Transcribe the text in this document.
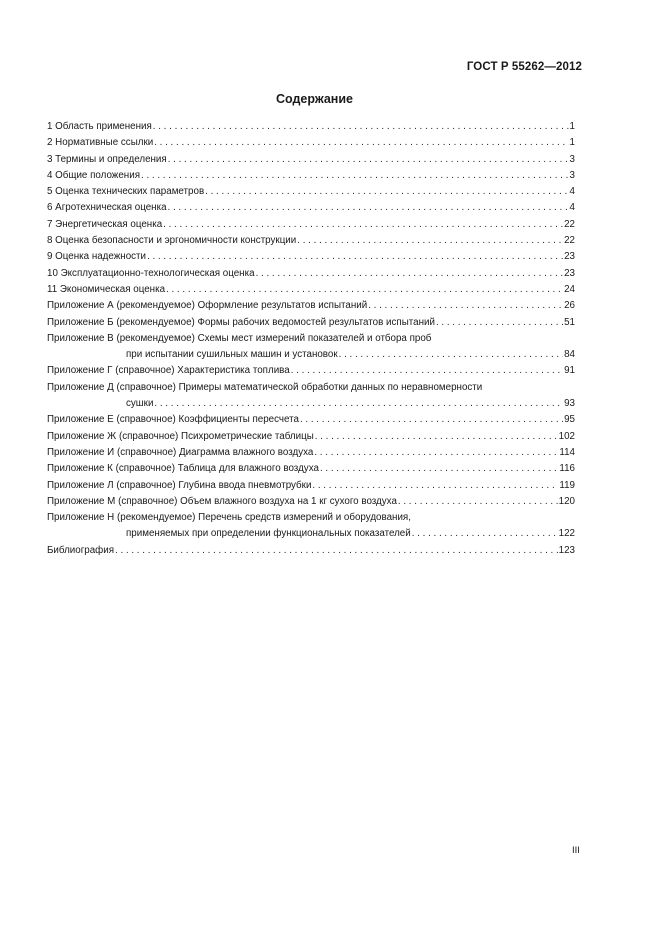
ГОСТ Р 55262—2012
Содержание
1 Область применения . . .	1
2 Нормативные ссылки . . .	1
3 Термины и определения . . .	3
4 Общие положения . . .	3
5 Оценка технических параметров . . .	4
6 Агротехническая оценка . . .	4
7 Энергетическая оценка . . .	22
8 Оценка безопасности и эргономичности конструкции . . .	22
9 Оценка надежности . . .	23
10 Эксплуатационно-технологическая оценка . . .	23
11 Экономическая оценка . . .	24
Приложение А (рекомендуемое) Оформление результатов испытаний . . .	26
Приложение Б (рекомендуемое) Формы рабочих ведомостей результатов испытаний . . .	51
Приложение В (рекомендуемое) Схемы мест измерений показателей и отбора проб
при испытании сушильных машин и установок . . .	84
Приложение Г (справочное) Характеристика топлива . . .	91
Приложение Д (справочное) Примеры математической обработки данных по неравномерности
сушки . . .	93
Приложение Е (справочное) Коэффициенты пересчета . . .	95
Приложение Ж (справочное) Психрометрические таблицы . . .	102
Приложение И (справочное) Диаграмма влажного воздуха . . .	114
Приложение К (справочное) Таблица для влажного воздуха . . .	116
Приложение Л (справочное) Глубина ввода пневмотрубки . . .	119
Приложение М (справочное) Объем влажного воздуха на 1 кг сухого воздуха . . .	120
Приложение Н (рекомендуемое) Перечень средств измерений и оборудования,
применяемых при определении функциональных показателей . . .	122
Библиография . . .	123
III
